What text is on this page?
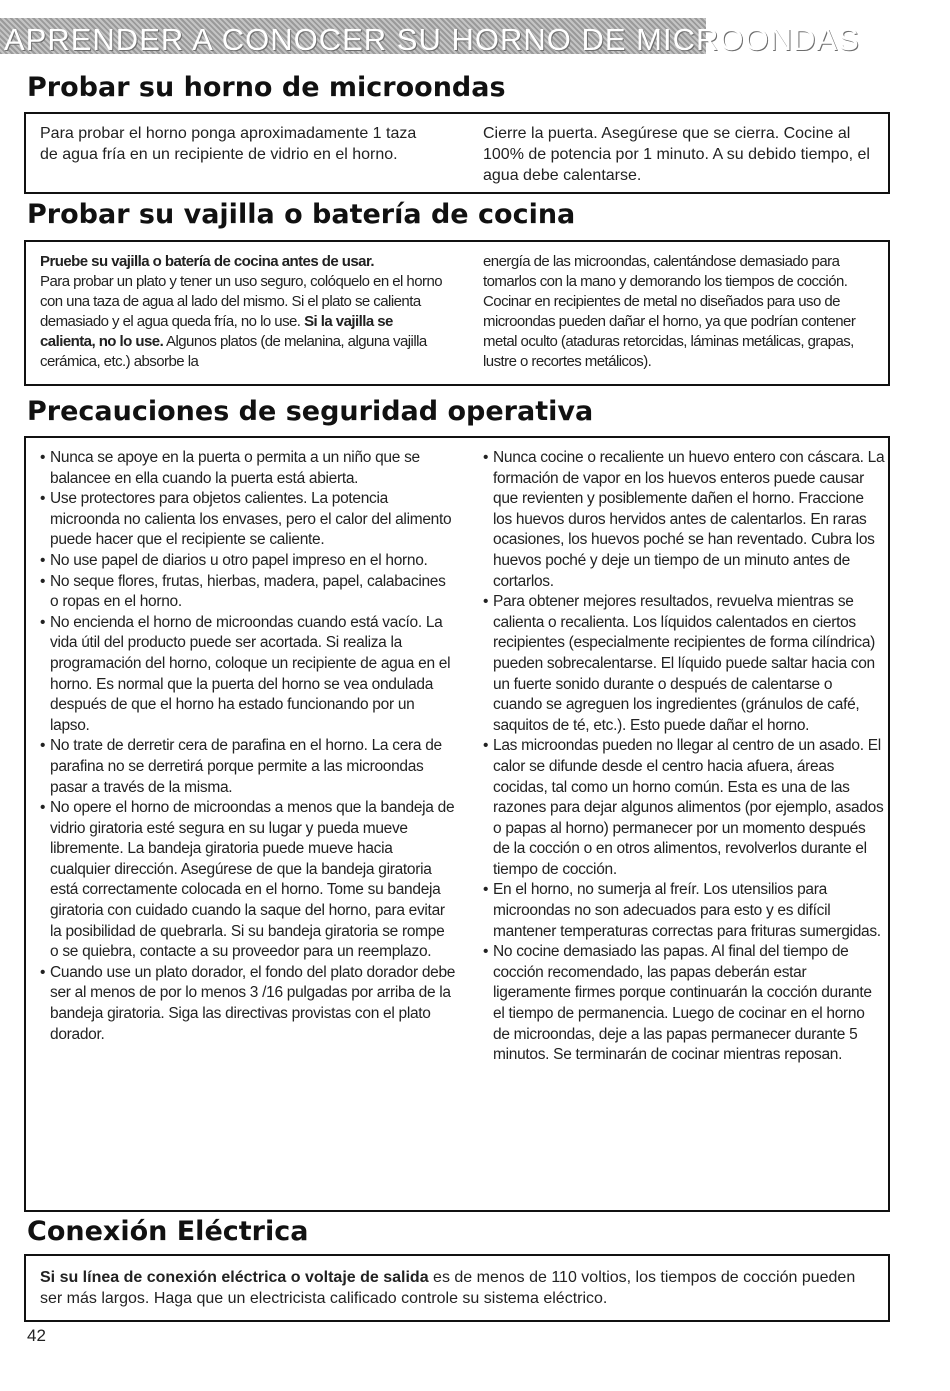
APRENDER A CONOCER SU HORNO DE MICROONDAS
Probar su horno de microondas
Para probar el horno ponga aproximadamente 1 taza de agua fría en un recipiente de vidrio en el horno.
Cierre la puerta. Asegúrese que se cierra. Cocine al 100% de potencia por 1 minuto. A su debido tiempo, el agua debe calentarse.
Probar su vajilla o batería de cocina
Pruebe su vajilla o batería de cocina antes de usar.
Para probar un plato y tener un uso seguro, colóquelo en el horno con una taza de agua al lado del mismo. Si el plato se calienta demasiado y el agua queda fría, no lo use. Si la vajilla se calienta, no lo use. Algunos platos (de melanina, alguna vajilla cerámica, etc.) absorbe la
energía de las microondas, calentándose demasiado para tomarlos con la mano y demorando los tiempos de cocción. Cocinar en recipientes de metal no diseñados para uso de microondas pueden dañar el horno, ya que podrían contener metal oculto (ataduras retorcidas, láminas metálicas, grapas, lustre o recortes metálicos).
Precauciones de seguridad operativa
• Nunca se apoye en la puerta o permita a un niño que se balancee en ella cuando la puerta está abierta.
• Use protectores para objetos calientes. La potencia microonda no calienta los envases, pero el calor del alimento puede hacer que el recipiente se caliente.
• No use papel de diarios u otro papel impreso en el horno.
• No seque flores, frutas, hierbas, madera, papel, calabacines o ropas en el horno.
• No encienda el horno de microondas cuando está vacío. La vida útil del producto puede ser acortada. Si realiza la programación del horno, coloque un recipiente de agua en el horno. Es normal que la puerta del horno se vea ondulada después de que el horno ha estado funcionando por un lapso.
• No trate de derretir cera de parafina en el horno. La cera de parafina no se derretirá porque permite a las microondas pasar a través de la misma.
• No opere el horno de microondas a menos que la bandeja de vidrio giratoria esté segura en su lugar y pueda mueve libremente. La bandeja giratoria puede mueve hacia cualquier dirección. Asegúrese de que la bandeja giratoria está correctamente colocada en el horno. Tome su bandeja giratoria con cuidado cuando la saque del horno, para evitar la posibilidad de quebrarla. Si su bandeja giratoria se rompe o se quiebra, contacte a su proveedor para un reemplazo.
• Cuando use un plato dorador, el fondo del plato dorador debe ser al menos de por lo menos 3 /16 pulgadas por arriba de la bandeja giratoria. Siga las directivas provistas con el plato dorador.
• Nunca cocine o recaliente un huevo entero con cáscara. La formación de vapor en los huevos enteros puede causar que revienten y posiblemente dañen el horno. Fraccione los huevos duros hervidos antes de calentarlos. En raras ocasiones, los huevos poché se han reventado. Cubra los huevos poché y deje un tiempo de un minuto antes de cortarlos.
• Para obtener mejores resultados, revuelva mientras se calienta o recalienta. Los líquidos calentados en ciertos recipientes (especialmente recipientes de forma cilíndrica) pueden sobrecalentarse. El líquido puede saltar hacia con un fuerte sonido durante o después de calentarse o cuando se agreguen los ingredientes (gránulos de café, saquitos de té, etc.). Esto puede dañar el horno.
• Las microondas pueden no llegar al centro de un asado. El calor se difunde desde el centro hacia afuera, áreas cocidas, tal como un horno común. Esta es una de las razones para dejar algunos alimentos (por ejemplo, asados o papas al horno) permanecer por un momento después de la cocción o en otros alimentos, revolverlos durante el tiempo de cocción.
• En el horno, no sumerja al freír. Los utensilios para microondas no son adecuados para esto y es difícil mantener temperaturas correctas para frituras sumergidas.
• No cocine demasiado las papas. Al final del tiempo de cocción recomendado, las papas deberán estar ligeramente firmes porque continuarán la cocción durante el tiempo de permanencia. Luego de cocinar en el horno de microondas, deje a las papas permanecer durante 5 minutos. Se terminarán de cocinar mientras reposan.
Conexión Eléctrica
Si su línea de conexión eléctrica o voltaje de salida es de menos de 110 voltios, los tiempos de cocción pueden ser más largos. Haga que un electricista calificado controle su sistema eléctrico.
42
